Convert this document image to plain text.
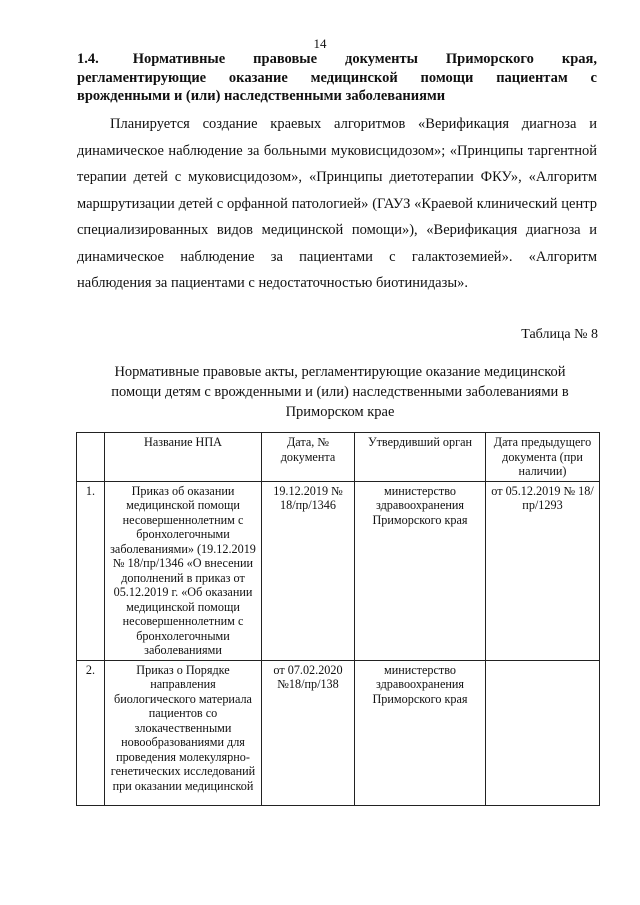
14
1.4. Нормативные правовые документы Приморского края, регламентирующие оказание медицинской помощи пациентам с врожденными и (или) наследственными заболеваниями
Планируется создание краевых алгоритмов «Верификация диагноза и динамическое наблюдение за больными муковисцидозом»; «Принципы таргентной терапии детей с муковисцидозом», «Принципы диетотерапии ФКУ», «Алгоритм маршрутизации детей с орфанной патологией» (ГАУЗ «Краевой клинический центр специализированных видов медицинской помощи»), «Верификация диагноза и динамическое наблюдение за пациентами с галактоземией». «Алгоритм наблюдения за пациентами с недостаточностью биотинидазы».
Таблица № 8
Нормативные правовые акты, регламентирующие оказание медицинской помощи детям с врожденными и (или) наследственными заболеваниями в Приморском крае
	Название НПА	Дата, № документа	Утвердивший орган	Дата предыдущего документа (при наличии)
1.	Приказ об оказании медицинской помощи несовершеннолетним с бронхолегочными заболеваниями» (19.12.2019 № 18/пр/1346 «О внесении дополнений в приказ от 05.12.2019 г. «Об оказании медицинской помощи несовершеннолетним с бронхолегочными заболеваниями	19.12.2019 № 18/пр/1346	министерство здравоохранения Приморского края	от 05.12.2019 № 18/пр/1293
2.	Приказ о Порядке направления биологического материала пациентов со злокачественными новообразованиями для проведения молекулярно-генетических исследований при оказании медицинской	от 07.02.2020 №18/пр/138	министерство здравоохранения Приморского края	
